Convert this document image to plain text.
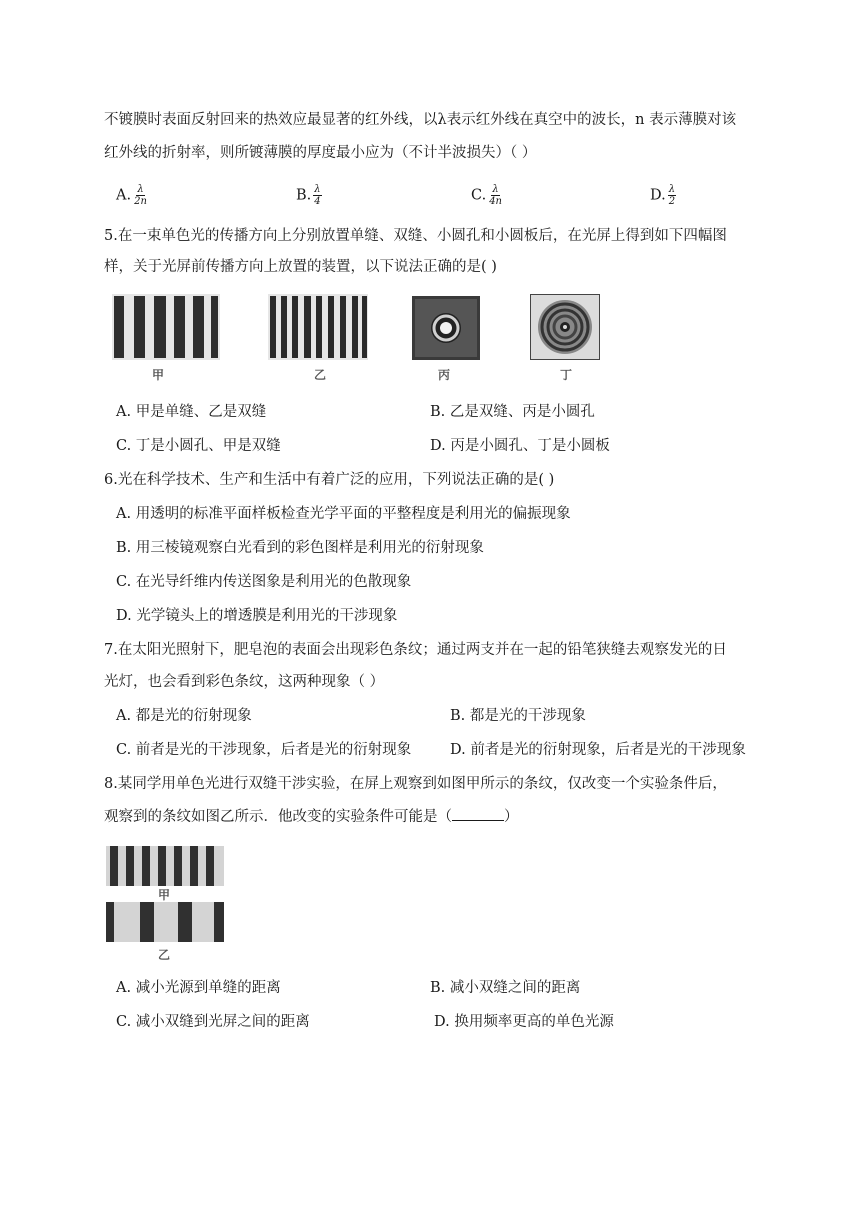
不镀膜时表面反射回来的热效应最显著的红外线，以λ表示红外线在真空中的波长，n 表示薄膜对该
红外线的折射率，则所镀薄膜的厚度最小应为（不计半波损失）（ ）
A. $\frac{\lambda}{2n}$	B. $\frac{\lambda}{4}$	C. $\frac{\lambda}{4n}$	D. $\frac{\lambda}{2}$
5.在一束单色光的传播方向上分别放置单缝、双缝、小圆孔和小圆板后，在光屏上得到如下四幅图
样，关于光屏前传播方向上放置的装置，以下说法正确的是( )
甲	乙	丙	丁
A. 甲是单缝、乙是双缝	B. 乙是双缝、丙是小圆孔
C. 丁是小圆孔、甲是双缝	D. 丙是小圆孔、丁是小圆板
6.光在科学技术、生产和生活中有着广泛的应用，下列说法正确的是( )
A. 用透明的标准平面样板检查光学平面的平整程度是利用光的偏振现象
B. 用三棱镜观察白光看到的彩色图样是利用光的衍射现象
C. 在光导纤维内传送图象是利用光的色散现象
D. 光学镜头上的增透膜是利用光的干涉现象
7.在太阳光照射下，肥皂泡的表面会出现彩色条纹；通过两支并在一起的铅笔狭缝去观察发光的日
光灯，也会看到彩色条纹，这两种现象（ ）
A. 都是光的衍射现象	B. 都是光的干涉现象
C. 前者是光的干涉现象，后者是光的衍射现象	D. 前者是光的衍射现象，后者是光的干涉现象
8.某同学用单色光进行双缝干涉实验，在屏上观察到如图甲所示的条纹，仅改变一个实验条件后，
观察到的条纹如图乙所示．他改变的实验条件可能是（	）
甲
乙
A. 减小光源到单缝的距离	B. 减小双缝之间的距离
C. 减小双缝到光屏之间的距离	D. 换用频率更高的单色光源
